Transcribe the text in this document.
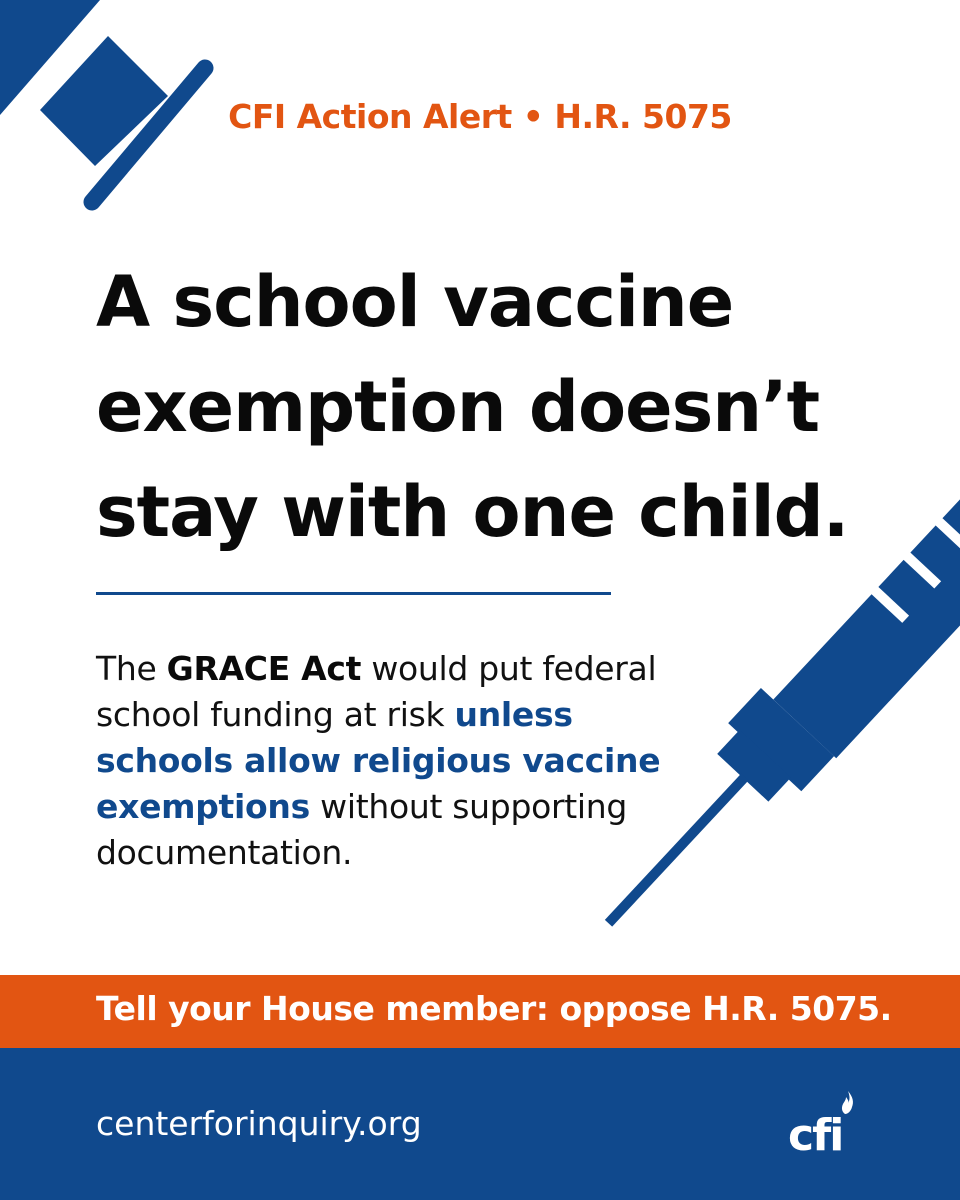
CFI Action Alert • H.R. 5075
A school vaccine
exemption doesn’t
stay with one child.
The GRACE Act would put federal school funding at risk unless schools allow religious vaccine exemptions without supporting documentation.
Tell your House member: oppose H.R. 5075.
centerforinquiry.org	cfi
